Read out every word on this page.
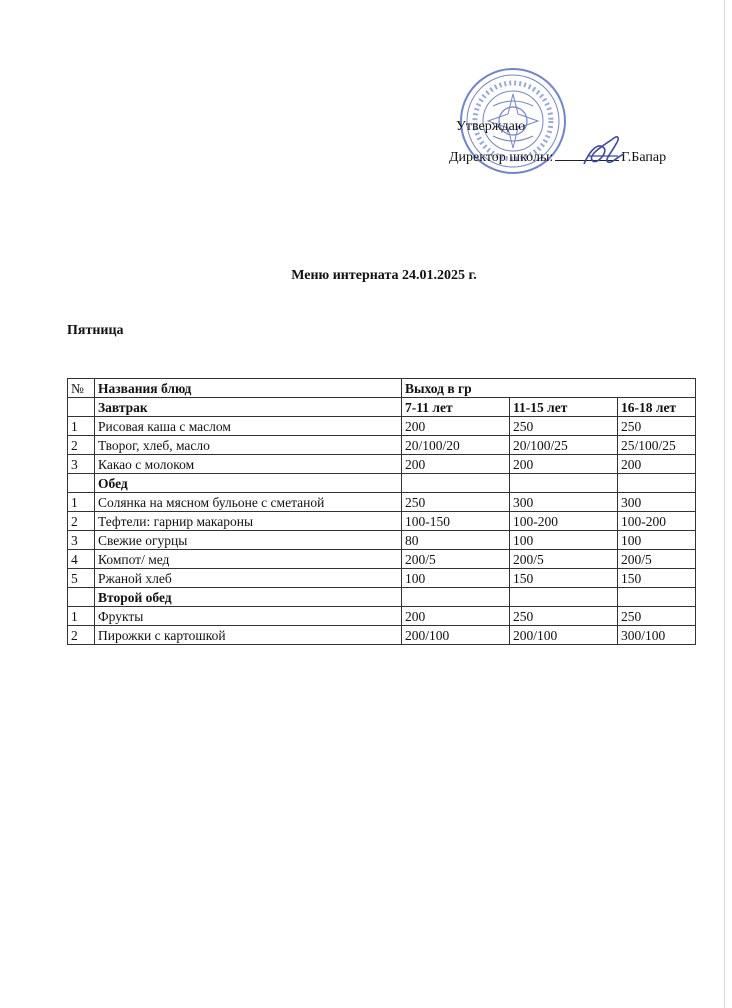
Утверждаю
Директор школы:	Г.Бапар
Меню интерната 24.01.2025 г.
Пятница
№	Названия блюд	Выход в гр		
	Завтрак	7-11 лет	11-15 лет	16-18 лет
1	Рисовая каша с маслом	200	250	250
2	Творог, хлеб, масло	20/100/20	20/100/25	25/100/25
3	Какао с молоком	200	200	200
	Обед			
1	Солянка на мясном бульоне с сметаной	250	300	300
2	Тефтели: гарнир макароны	100-150	100-200	100-200
3	Свежие огурцы	80	100	100
4	Компот/ мед	200/5	200/5	200/5
5	Ржаной хлеб	100	150	150
	Второй обед			
1	Фрукты	200	250	250
2	Пирожки с картошкой	200/100	200/100	300/100
